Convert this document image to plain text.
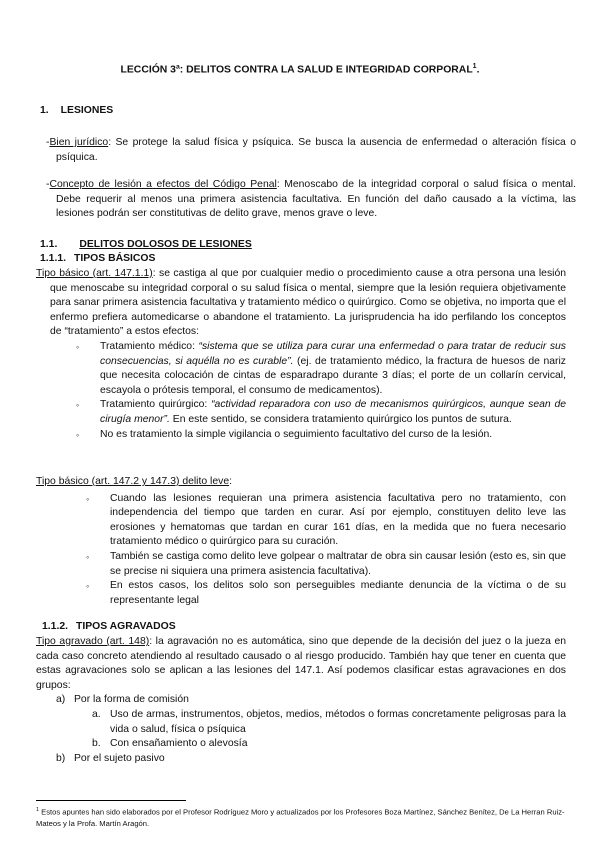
LECCIÓN 3ª: DELITOS CONTRA LA SALUD E INTEGRIDAD CORPORAL$^1$.
1. LESIONES
-Bien jurídico: Se protege la salud física y psíquica. Se busca la ausencia de enfermedad o alteración física o psíquica.
-Concepto de lesión a efectos del Código Penal: Menoscabo de la integridad corporal o salud física o mental. Debe requerir al menos una primera asistencia facultativa. En función del daño causado a la víctima, las lesiones podrán ser constitutivas de delito grave, menos grave o leve.
1.1. DELITOS DOLOSOS DE LESIONES
1.1.1. TIPOS BÁSICOS
Tipo básico (art. 147.1.1): se castiga al que por cualquier medio o procedimiento cause a otra persona una lesión que menoscabe su integridad corporal o su salud física o mental, siempre que la lesión requiera objetivamente para sanar primera asistencia facultativa y tratamiento médico o quirúrgico. Como se objetiva, no importa que el enfermo prefiera automedicarse o abandone el tratamiento. La jurisprudencia ha ido perfilando los conceptos de “tratamiento” a estos efectos:
◦ Tratamiento médico: “sistema que se utiliza para curar una enfermedad o para tratar de reducir sus consecuencias, si aquélla no es curable”. (ej. de tratamiento médico, la fractura de huesos de nariz que necesita colocación de cintas de esparadrapo durante 3 días; el porte de un collarín cervical, escayola o prótesis temporal, el consumo de medicamentos).
◦ Tratamiento quirúrgico: “actividad reparadora con uso de mecanismos quirúrgicos, aunque sean de cirugía menor”. En este sentido, se considera tratamiento quirúrgico los puntos de sutura.
◦ No es tratamiento la simple vigilancia o seguimiento facultativo del curso de la lesión.
Tipo básico (art. 147.2 y 147.3) delito leve:
◦ Cuando las lesiones requieran una primera asistencia facultativa pero no tratamiento, con independencia del tiempo que tarden en curar. Así por ejemplo, constituyen delito leve las erosiones y hematomas que tardan en curar 161 días, en la medida que no fuera necesario tratamiento médico o quirúrgico para su curación.
◦ También se castiga como delito leve golpear o maltratar de obra sin causar lesión (esto es, sin que se precise ni siquiera una primera asistencia facultativa).
◦ En estos casos, los delitos solo son perseguibles mediante denuncia de la víctima o de su representante legal
1.1.2. TIPOS AGRAVADOS
Tipo agravado (art. 148): la agravación no es automática, sino que depende de la decisión del juez o la jueza en cada caso concreto atendiendo al resultado causado o al riesgo producido. También hay que tener en cuenta que estas agravaciones solo se aplican a las lesiones del 147.1. Así podemos clasificar estas agravaciones en dos grupos:
a) Por la forma de comisión
a. Uso de armas, instrumentos, objetos, medios, métodos o formas concretamente peligrosas para la vida o salud, física o psíquica
b. Con ensañamiento o alevosía
b) Por el sujeto pasivo
$^1$ Estos apuntes han sido elaborados por el Profesor Rodríguez Moro y actualizados por los Profesores Boza Martínez, Sánchez Benítez, De La Herran Ruiz-Mateos y la Profa. Martín Aragón.
